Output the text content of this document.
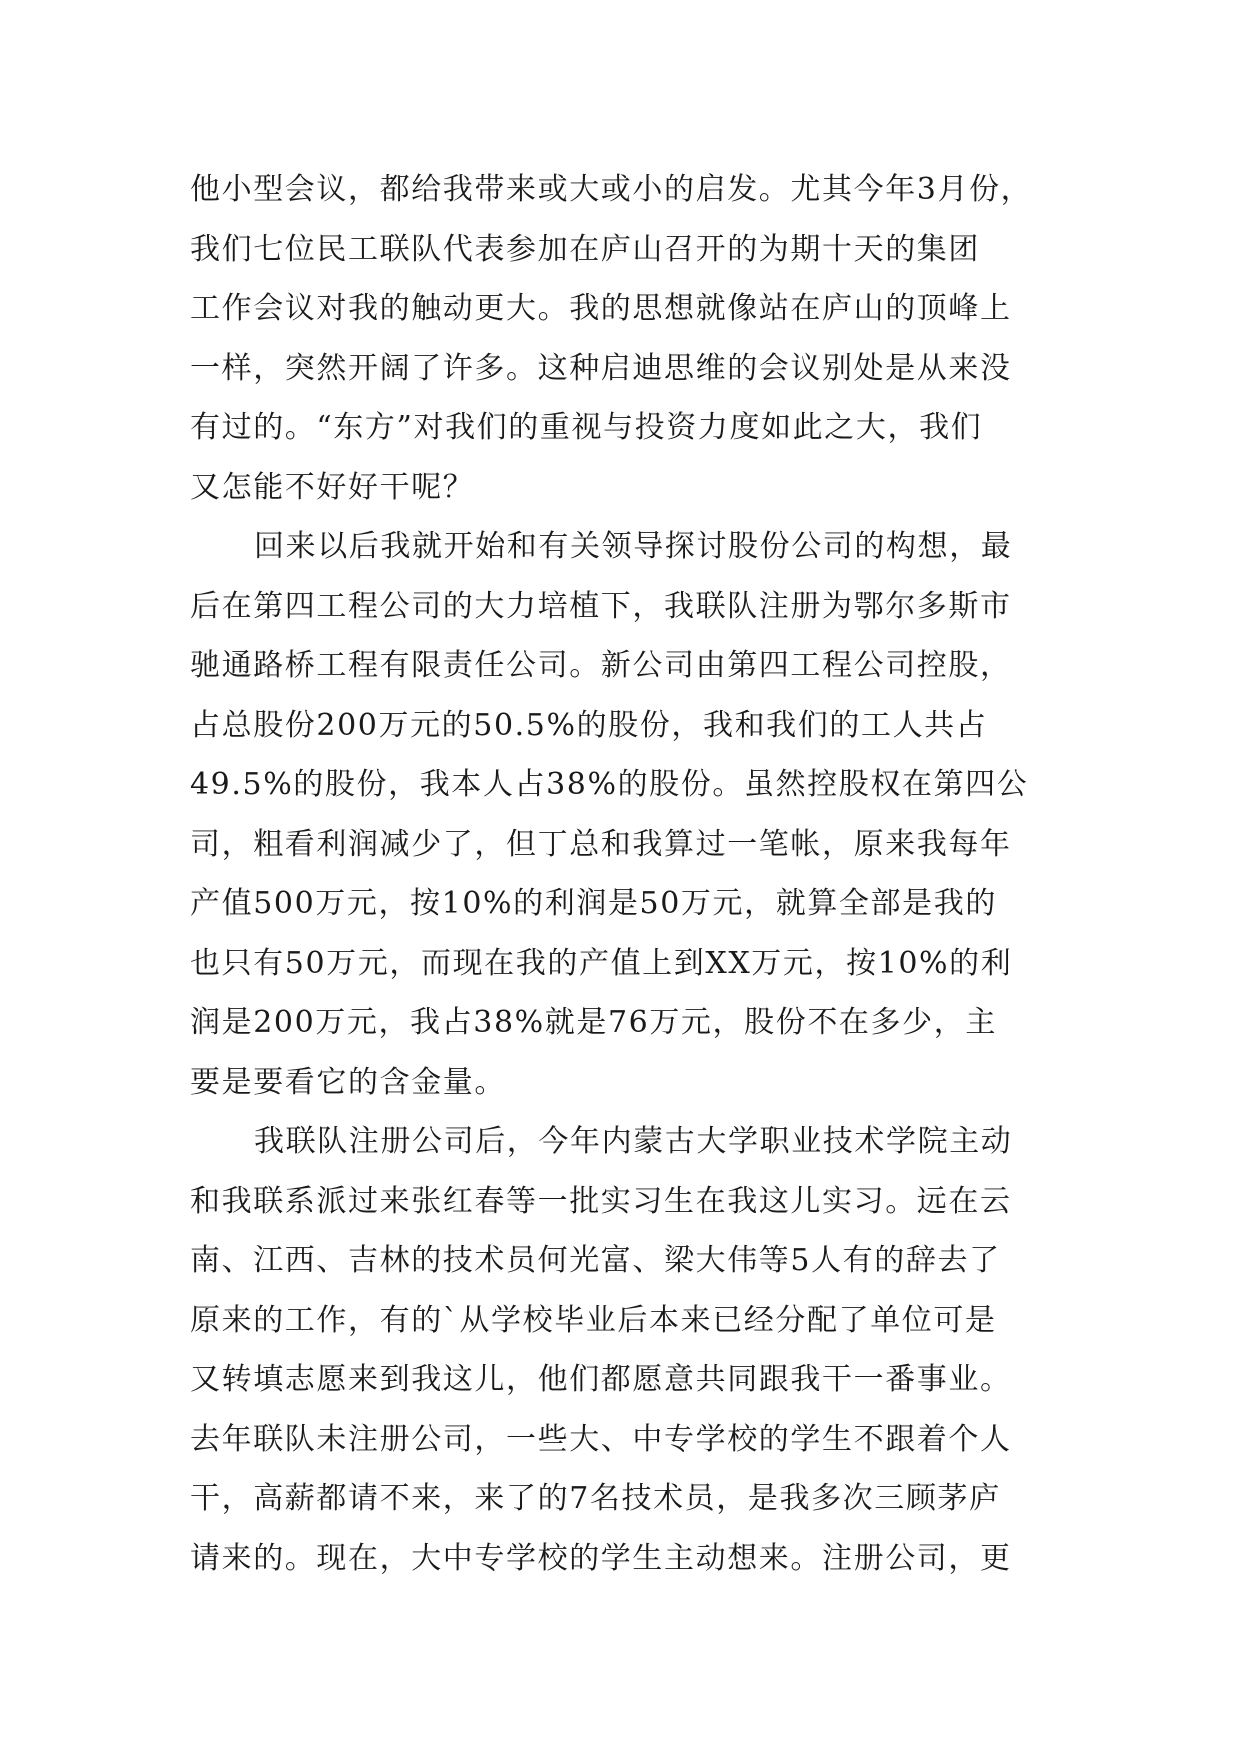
他小型会议，都给我带来或大或小的启发。尤其今年3月份，
我们七位民工联队代表参加在庐山召开的为期十天的集团
工作会议对我的触动更大。我的思想就像站在庐山的顶峰上
一样，突然开阔了许多。这种启迪思维的会议别处是从来没
有过的。“东方”对我们的重视与投资力度如此之大，我们
又怎能不好好干呢？
回来以后我就开始和有关领导探讨股份公司的构想，最
后在第四工程公司的大力培植下，我联队注册为鄂尔多斯市
驰通路桥工程有限责任公司。新公司由第四工程公司控股，
占总股份200万元的50.5%的股份，我和我们的工人共占
49.5%的股份，我本人占38%的股份。虽然控股权在第四公
司，粗看利润减少了，但丁总和我算过一笔帐，原来我每年
产值500万元，按10%的利润是50万元，就算全部是我的
也只有50万元，而现在我的产值上到XX万元，按10%的利
润是200万元，我占38%就是76万元，股份不在多少，主
要是要看它的含金量。
我联队注册公司后，今年内蒙古大学职业技术学院主动
和我联系派过来张红春等一批实习生在我这儿实习。远在云
南、江西、吉林的技术员何光富、梁大伟等5人有的辞去了
原来的工作，有的`从学校毕业后本来已经分配了单位可是
又转填志愿来到我这儿，他们都愿意共同跟我干一番事业。
去年联队未注册公司，一些大、中专学校的学生不跟着个人
干，高薪都请不来，来了的7名技术员，是我多次三顾茅庐
请来的。现在，大中专学校的学生主动想来。注册公司，更
